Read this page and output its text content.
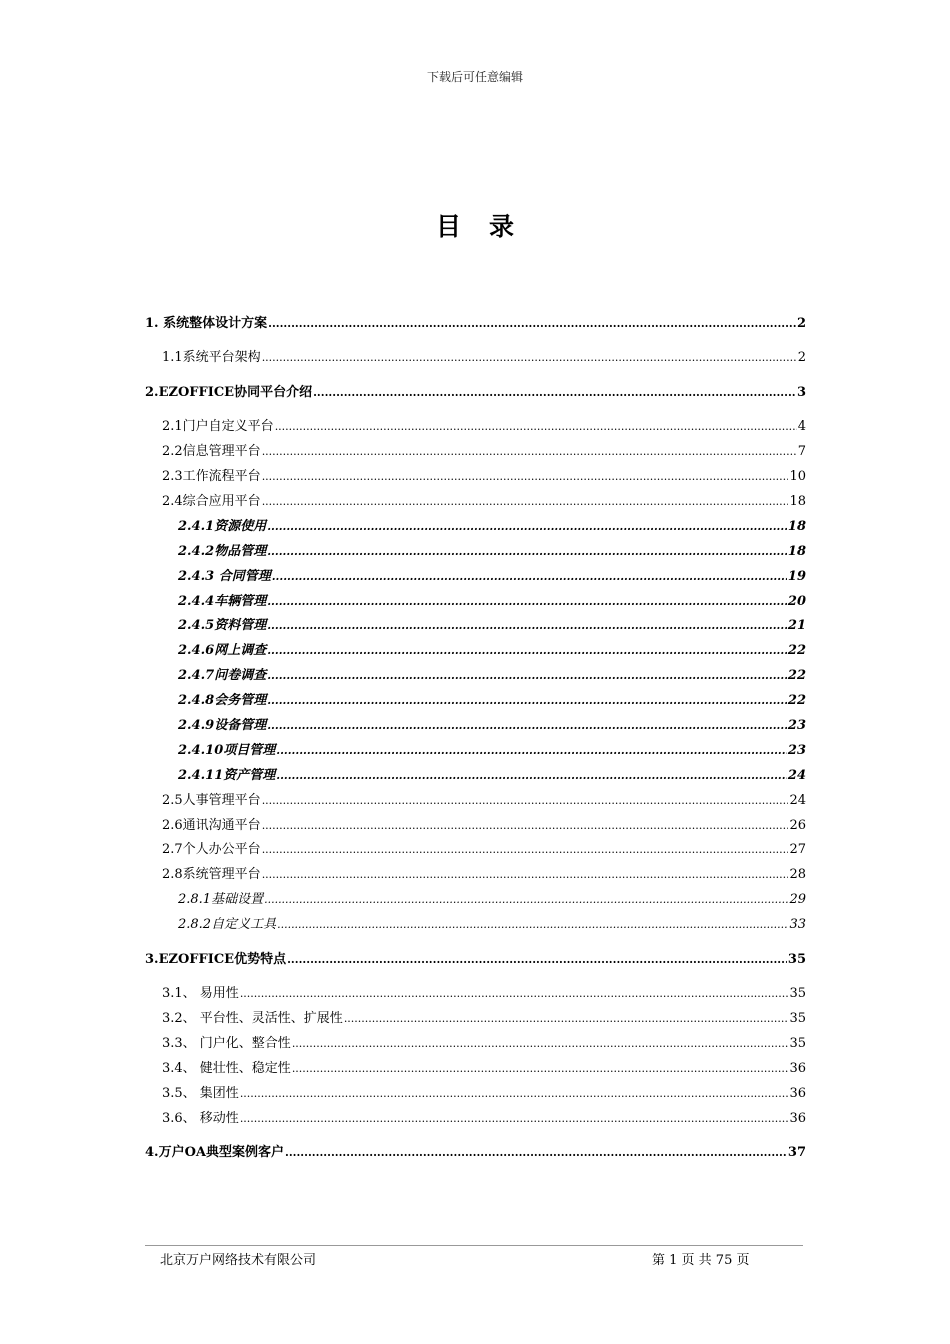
下载后可任意编辑
目录
1. 系统整体设计方案 .....	2
1.1系统平台架构 .....	2
2.EZOFFICE协同平台介绍 .....	3
2.1门户自定义平台 .....	4
2.2信息管理平台 .....	7
2.3工作流程平台 .....	10
2.4综合应用平台 .....	18
2.4.1资源使用 .....	18
2.4.2物品管理 .....	18
2.4.3 合同管理 .....	19
2.4.4车辆管理 .....	20
2.4.5资料管理 .....	21
2.4.6网上调查 .....	22
2.4.7问卷调查 .....	22
2.4.8会务管理 .....	22
2.4.9设备管理 .....	23
2.4.10项目管理 .....	23
2.4.11资产管理 .....	24
2.5人事管理平台 .....	24
2.6通讯沟通平台 .....	26
2.7个人办公平台 .....	27
2.8系统管理平台 .....	28
2.8.1基础设置 .....	29
2.8.2自定义工具 .....	33
3.EZOFFICE优势特点 .....	35
3.1、 易用性 .....	35
3.2、 平台性、灵活性、扩展性 .....	35
3.3、 门户化、整合性 .....	35
3.4、 健壮性、稳定性 .....	36
3.5、 集团性 .....	36
3.6、 移动性 .....	36
4.万户OA典型案例客户 .....	37
北京万户网络技术有限公司	第 1 页 共 75 页
